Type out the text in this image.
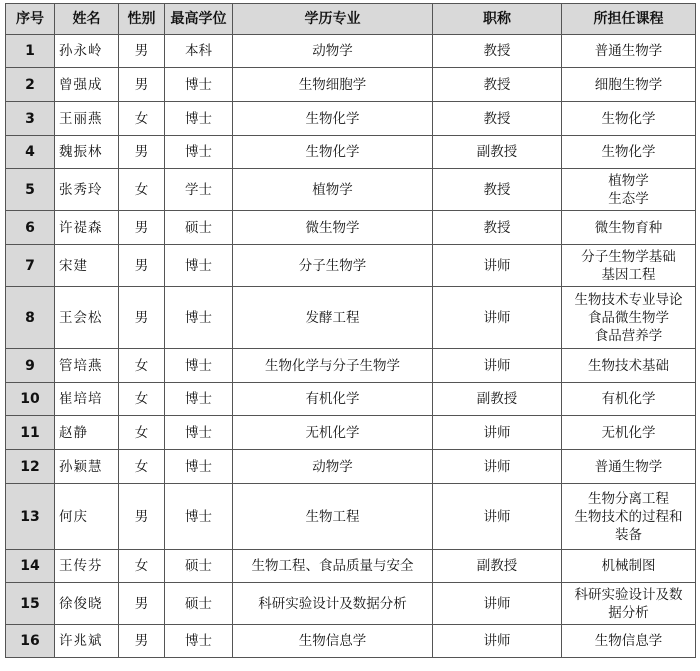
序号	姓名	性别	最高学位	学历专业	职称	所担任课程
1	孙永岭	男	本科	动物学	教授	普通生物学

2	曾强成	男	博士	生物细胞学	教授	细胞生物学

3	王丽燕	女	博士	生物化学	教授	生物化学

4	魏振林	男	博士	生物化学	副教授	生物化学

5	张秀玲	女	学士	植物学	教授	植物学
生态学

6	许禔森	男	硕士	微生物学	教授	微生物育种

7	宋建	男	博士	分子生物学	讲师	分子生物学基础
基因工程

8	王会松	男	博士	发酵工程	讲师	生物技术专业导论
食品微生物学
食品营养学

9	管培燕	女	博士	生物化学与分子生物学	讲师	生物技术基础

10	崔培培	女	博士	有机化学	副教授	有机化学

11	赵静	女	博士	无机化学	讲师	无机化学

12	孙颖慧	女	博士	动物学	讲师	普通生物学

13	何庆	男	博士	生物工程	讲师	生物分离工程
生物技术的过程和
装备

14	王传芬	女	硕士	生物工程、食品质量与安全	副教授	机械制图

15	徐俊晓	男	硕士	科研实验设计及数据分析	讲师	科研实验设计及数
据分析

16	许兆斌	男	博士	生物信息学	讲师	生物信息学
